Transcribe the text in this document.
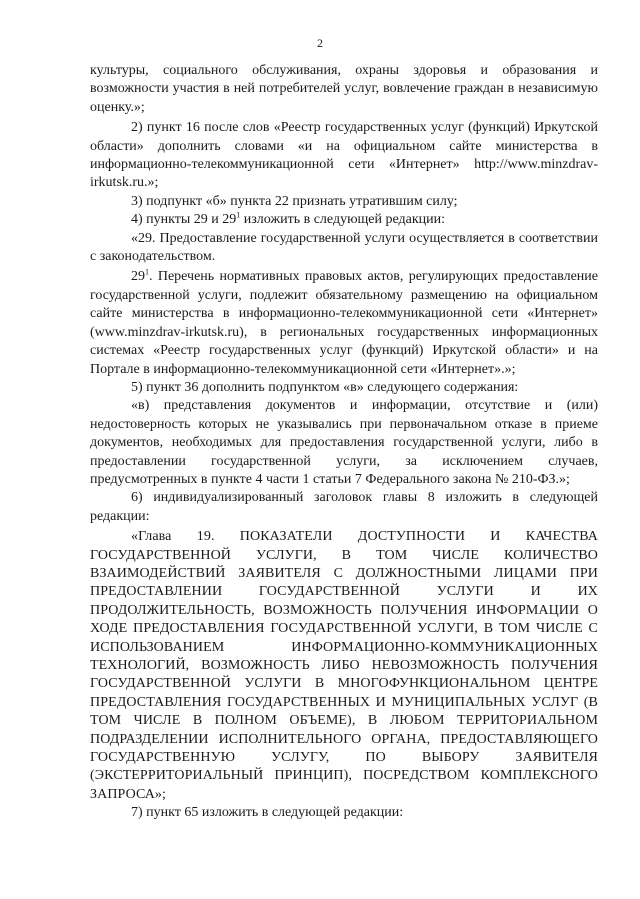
2

культуры, социального обслуживания, охраны здоровья и образования и возможности участия в ней потребителей услуг, вовлечение граждан в независимую оценку.»;

2) пункт 16 после слов «Реестр государственных услуг (функций) Иркутской области» дополнить словами «и на официальном сайте министерства в информационно-телекоммуникационной сети «Интернет» http://www.minzdrav-irkutsk.ru.»;

3) подпункт «б» пункта 22 признать утратившим силу;

4) пункты 29 и $29^1$ изложить в следующей редакции:

«29. Предоставление государственной услуги осуществляется в соответствии с законодательством.

$29^1$. Перечень нормативных правовых актов, регулирующих предоставление государственной услуги, подлежит обязательному размещению на официальном сайте министерства в информационно-телекоммуникационной сети «Интернет» (www.minzdrav-irkutsk.ru), в региональных государственных информационных системах «Реестр государственных услуг (функций) Иркутской области» и на Портале в информационно-телекоммуникационной сети «Интернет».»;

5) пункт 36 дополнить подпунктом «в» следующего содержания:

«в) представления документов и информации, отсутствие и (или) недостоверность которых не указывались при первоначальном отказе в приеме документов, необходимых для предоставления государственной услуги, либо в предоставлении государственной услуги, за исключением случаев, предусмотренных в пункте 4 части 1 статьи 7 Федерального закона № 210-ФЗ.»;

6) индивидуализированный заголовок главы 8 изложить в следующей редакции:

«Глава 19. ПОКАЗАТЕЛИ ДОСТУПНОСТИ И КАЧЕСТВА ГОСУДАРСТВЕННОЙ УСЛУГИ, В ТОМ ЧИСЛЕ КОЛИЧЕСТВО ВЗАИМОДЕЙСТВИЙ ЗАЯВИТЕЛЯ С ДОЛЖНОСТНЫМИ ЛИЦАМИ ПРИ ПРЕДОСТАВЛЕНИИ ГОСУДАРСТВЕННОЙ УСЛУГИ И ИХ ПРОДОЛЖИТЕЛЬНОСТЬ, ВОЗМОЖНОСТЬ ПОЛУЧЕНИЯ ИНФОРМАЦИИ О ХОДЕ ПРЕДОСТАВЛЕНИЯ ГОСУДАРСТВЕННОЙ УСЛУГИ, В ТОМ ЧИСЛЕ С ИСПОЛЬЗОВАНИЕМ ИНФОРМАЦИОННО-КОММУНИКАЦИОННЫХ ТЕХНОЛОГИЙ, ВОЗМОЖНОСТЬ ЛИБО НЕВОЗМОЖНОСТЬ ПОЛУЧЕНИЯ ГОСУДАРСТВЕННОЙ УСЛУГИ В МНОГОФУНКЦИОНАЛЬНОМ ЦЕНТРЕ ПРЕДОСТАВЛЕНИЯ ГОСУДАРСТВЕННЫХ И МУНИЦИПАЛЬНЫХ УСЛУГ (В ТОМ ЧИСЛЕ В ПОЛНОМ ОБЪЕМЕ), В ЛЮБОМ ТЕРРИТОРИАЛЬНОМ ПОДРАЗДЕЛЕНИИ ИСПОЛНИТЕЛЬНОГО ОРГАНА, ПРЕДОСТАВЛЯЮЩЕГО ГОСУДАРСТВЕННУЮ УСЛУГУ, ПО ВЫБОРУ ЗАЯВИТЕЛЯ (ЭКСТЕРРИТОРИАЛЬНЫЙ ПРИНЦИП), ПОСРЕДСТВОМ КОМПЛЕКСНОГО ЗАПРОСА»;

7) пункт 65 изложить в следующей редакции:
